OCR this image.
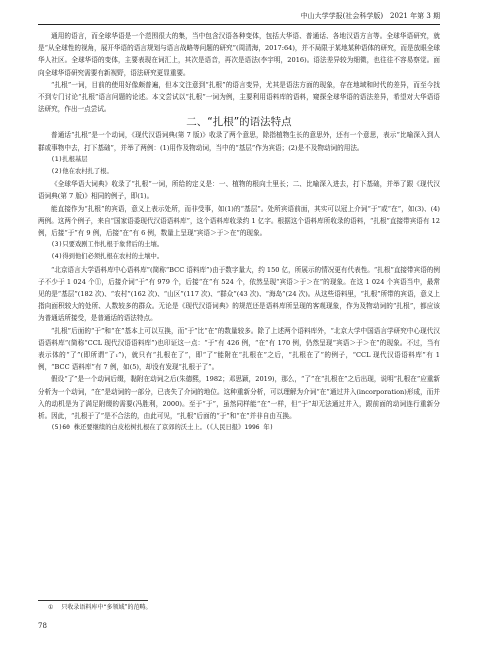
中山大学学报(社会科学版)　2021 年第 3 期

通用的语言，而全球华语是一个范围很大的集，当中包含汉语各种变体，包括大华语、普通话、各地汉语方言等。全球华语研究，就是“从全球性的视角，展开华语的语言规划与语言战略等问题的研究”(周清海，2017:64)，并不局限于某地某种语体的研究，而是放眼全球华人社区。全球华语的变体，主要表现在词汇上，其次是语音，再次是语法(李宇明，2016)。语法差异较为细微，也往往不容易察觉。面向全球华语研究需要有新视野，语法研究更显重要。

“扎根”一词，目前的使用好像颇普遍，但本文注意到“扎根”的语言变异，尤其是语法方面的现象，存在地域和时代的差异，而至今找不到专门讨论“扎根”语言问题的论述。本文尝试以“扎根”一词为例，主要利用语料库的语料，窥探全球华语的语法差异，希望对大华语语法研究，作出一点尝试。

二、“扎根”的语法特点

普通话“扎根”是一个动词，《现代汉语词典(第 7 版)》收录了两个意思，除指植物生长的意思外，还有一个意思，表示“比喻深入到人群或事物中去，打下基础”，并举了两例：(1)用作及物动词，当中的“基层”作为宾语；(2)是不及物动词的用法。

(1)扎根基层

(2)他在农村扎了根。

《全球华语大词典》收录了“扎根”一词，所给的定义是：一、植物的根向土里长；二、比喻深入进去，打下基础，并举了跟《现代汉语词典(第 7 版)》相同的例子，即(1)。

能直接作为“扎根”的宾语，意义上表示处所，而非受事，如(1)的“基层”。处所宾语前面，其实可以冠上介词“于”或“在”，如(3)、(4)两例。这两个例子，来自“国家语委现代汉语语料库”，这个语料库收录约 1 亿字。根据这个语料库所收录的语料，“扎根”直接带宾语有 12 例，后接“于”有 9 例，后接“在”有 6 例，数量上呈现“宾语＞于＞在”的现象。

(3)只要戏剧工作扎根于象背后的土壤。

(4)得到他们必须扎根在农村的土壤中。

“北京语言大学语料库中心语料库”(简称“BCC 语料库”)由于数字量大，约 150 亿，所展示的情况更有代表性。“扎根”直接带宾语的例子不少于 1 024 个①，后接介词“于”有 979 个，后接“在”有 524 个，依然呈现“宾语＞于＞在”的现象。在这 1 024 个宾语当中，最常见的是“基层”(182 次)、“农村”(162 次)、“山区”(117 次)、“群众”(43 次)、“海岛”(24 次)。从这些语料里，“扎根”所带的宾语，意义上指向面积较大的处所、人数较多的群众。无论是《现代汉语词典》的规范还是语料库所呈现的客观现象，作为及物动词的“扎根”，都应该为普通话所接受，是普通话的语法特点。

“扎根”后面的“于”和“在”基本上可以互换，而“于”比“在”的数量较多。除了上述两个语料库外，“北京大学中国语言学研究中心现代汉语语料库”(简称“CCL 现代汉语语料库”)也印证这一点：“于”有 426 例，“在”有 170 例，仍然呈现“宾语＞于＞在”的现象。不过，当有表示体的“了”(即所谓“了₁”)，就只有“扎根在了”，即“了”能附在“扎根在”之后，“扎根在了”的例子，“CCL 现代汉语语料库”有 1 例，“BCC 语料库”有 7 例，如(5)，却没有发现“扎根于了”。

假设“了”是一个动词后缀，黏附在动词之后(朱德熙，1982；邓思颖，2019)，那么，“了”在“扎根在”之后出现，说明“扎根在”应重新分析为一个动词，“在”是动词的一部分，已丧失了介词的地位。这种重新分析，可以理解为介词“在”通过并入(incorporation)形成，而并入的动机是为了满足附缀的需要(冯胜利，2000)。至于“于”，虽然同样能“在”一样，但“于”却无法通过并入，跟前面的动词连行重新分析。因此，“扎根于了”是不合法的，由此可见，“扎根”后面的“于”和“在”并非自由互换。

(5)60 株还要继续的白皮松树扎根在了京郊的沃土上。(《人民日报》1996 年)

① 只收录语料库中“多领域”的范畴。
78
